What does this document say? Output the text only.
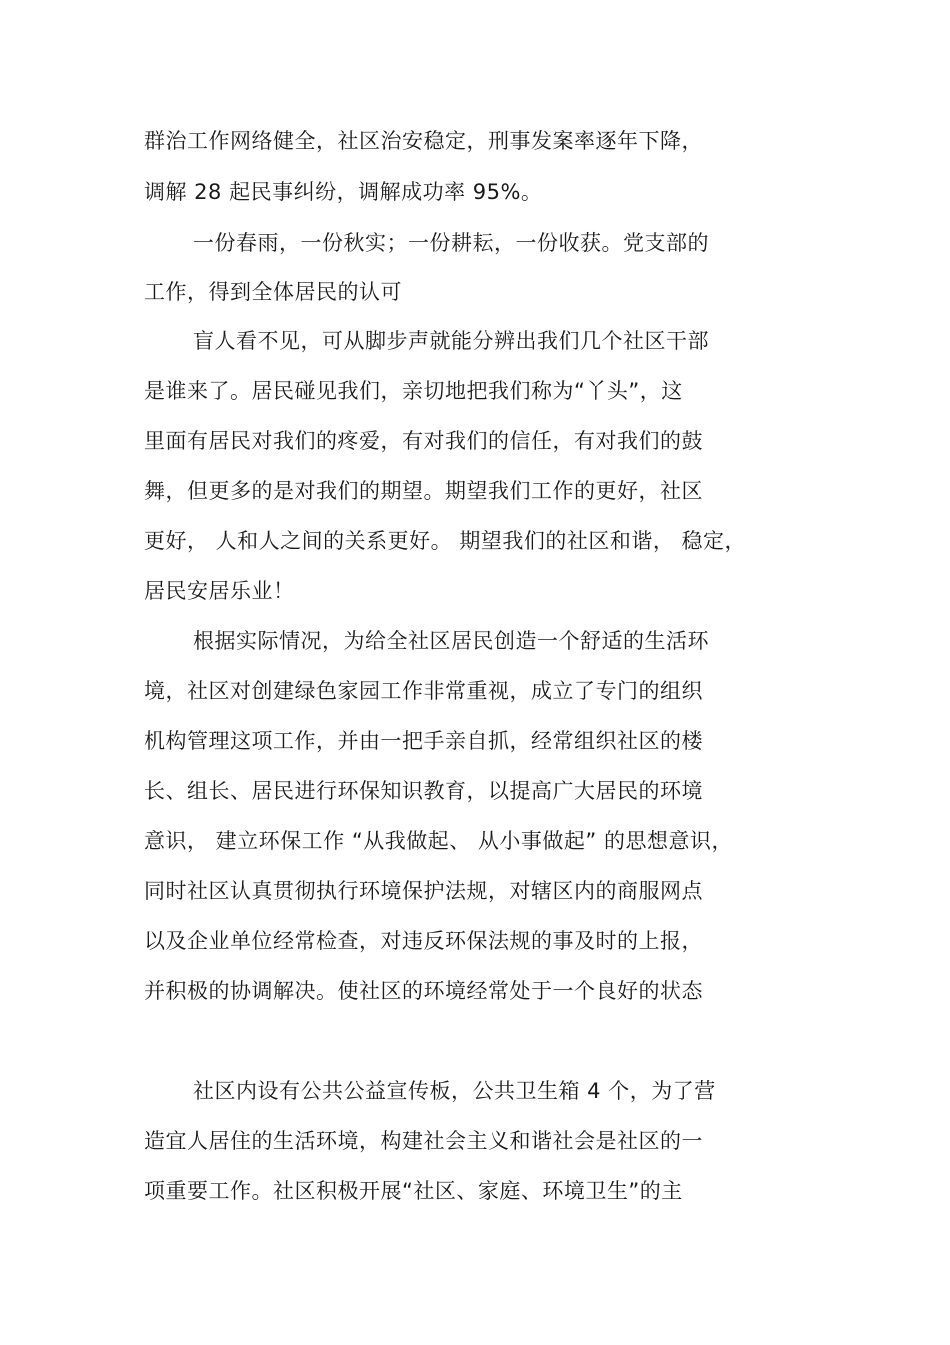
群治工作网络健全，社区治安稳定，刑事发案率逐年下降，
调解 28 起民事纠纷，调解成功率 95%。
一份春雨，一份秋实；一份耕耘，一份收获。党支部的
工作，得到全体居民的认可
盲人看不见，可从脚步声就能分辨出我们几个社区干部
是谁来了。居民碰见我们，亲切地把我们称为“丫头”，这
里面有居民对我们的疼爱，有对我们的信任，有对我们的鼓
舞，但更多的是对我们的期望。期望我们工作的更好，社区
更好， 人和人之间的关系更好。 期望我们的社区和谐， 稳定，
居民安居乐业！
根据实际情况，为给全社区居民创造一个舒适的生活环
境，社区对创建绿色家园工作非常重视，成立了专门的组织
机构管理这项工作，并由一把手亲自抓，经常组织社区的楼
长、组长、居民进行环保知识教育，以提高广大居民的环境
意识， 建立环保工作 “从我做起、 从小事做起” 的思想意识，
同时社区认真贯彻执行环境保护法规，对辖区内的商服网点
以及企业单位经常检查，对违反环保法规的事及时的上报，
并积极的协调解决。使社区的环境经常处于一个良好的状态
社区内设有公共公益宣传板，公共卫生箱 4 个，为了营
造宜人居住的生活环境，构建社会主义和谐社会是社区的一
项重要工作。社区积极开展“社区、家庭、环境卫生”的主
